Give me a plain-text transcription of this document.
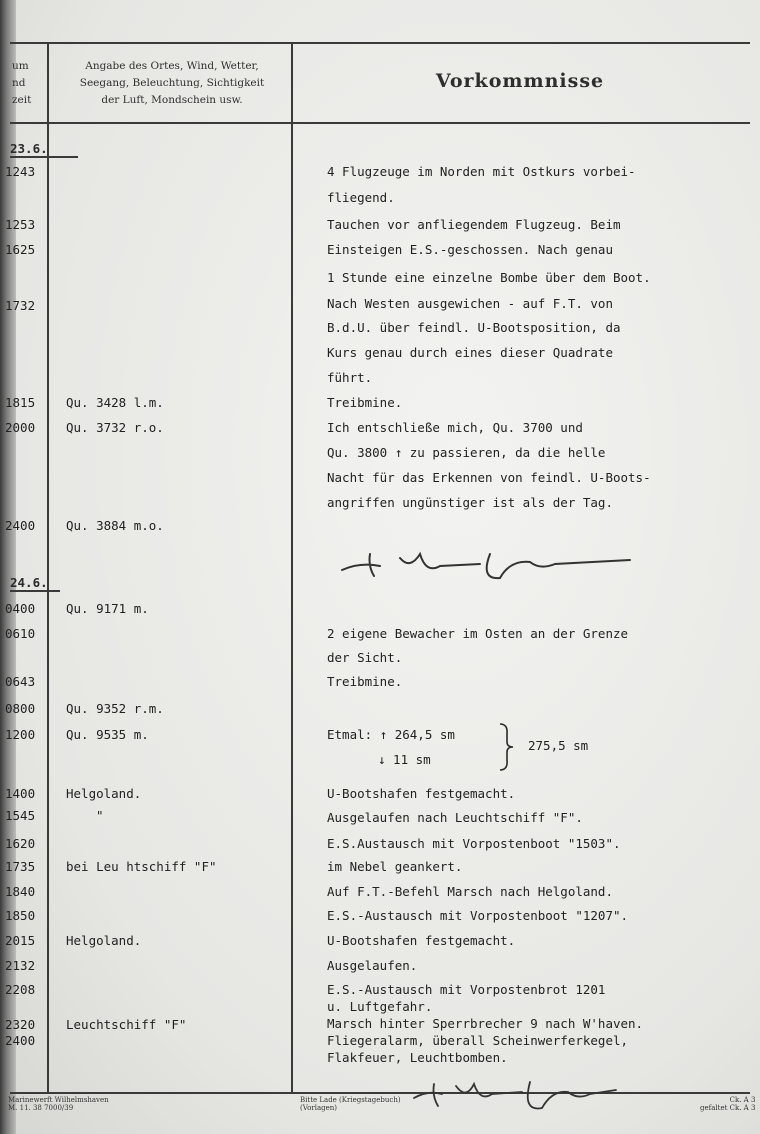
um
nd
zeit
Angabe des Ortes, Wind, Wetter,
Seegang, Beleuchtung, Sichtigkeit
der Luft, Mondschein usw.
Vorkommnisse
23.6.
24.6.
1243
1253
1625
1732
1815
2000
2400
0400
0610
0643
0800
1200
1400
1545
1620
1735
1840
1850
2015
2132
2208
2320
2400
Qu. 3428 l.m.
Qu. 3732 r.o.
Qu. 3884 m.o.
Qu. 9171 m.
Qu. 9352 r.m.
Qu. 9535 m.
Helgoland.
"
bei Leu htschiff "F"
Helgoland.
Leuchtschiff "F"
4 Flugzeuge im Norden mit Ostkurs vorbei-
fliegend.
Tauchen vor anfliegendem Flugzeug. Beim
Einsteigen E.S.-geschossen. Nach genau
1 Stunde eine einzelne Bombe über dem Boot.
Nach Westen ausgewichen - auf F.T. von
B.d.U. über feindl. U-Bootsposition, da
Kurs genau durch eines dieser Quadrate
führt.
Treibmine.
Ich entschließe mich, Qu. 3700 und
Qu. 3800 ↑ zu passieren, da die helle
Nacht für das Erkennen von feindl. U-Boots-
angriffen ungünstiger ist als der Tag.
2 eigene Bewacher im Osten an der Grenze
der Sicht.
Treibmine.
Etmal: ↑ 264,5 sm
↓ 11 sm
275,5 sm
U-Bootshafen festgemacht.
Ausgelaufen nach Leuchtschiff "F".
E.S.Austausch mit Vorpostenboot "1503".
im Nebel geankert.
Auf F.T.-Befehl Marsch nach Helgoland.
E.S.-Austausch mit Vorpostenboot "1207".
U-Bootshafen festgemacht.
Ausgelaufen.
E.S.-Austausch mit Vorpostenbrot 1201
u. Luftgefahr.
Marsch hinter Sperrbrecher 9 nach W'haven.
Fliegeralarm, überall Scheinwerferkegel,
Flakfeuer, Leuchtbomben.
Marinewerft Wilhelmshaven
M. 11. 38 7000/39
Bitte Lade (Kriegstagebuch)
(Vorlagen)
Ck. A 3
gefaltet Ck. A 3
